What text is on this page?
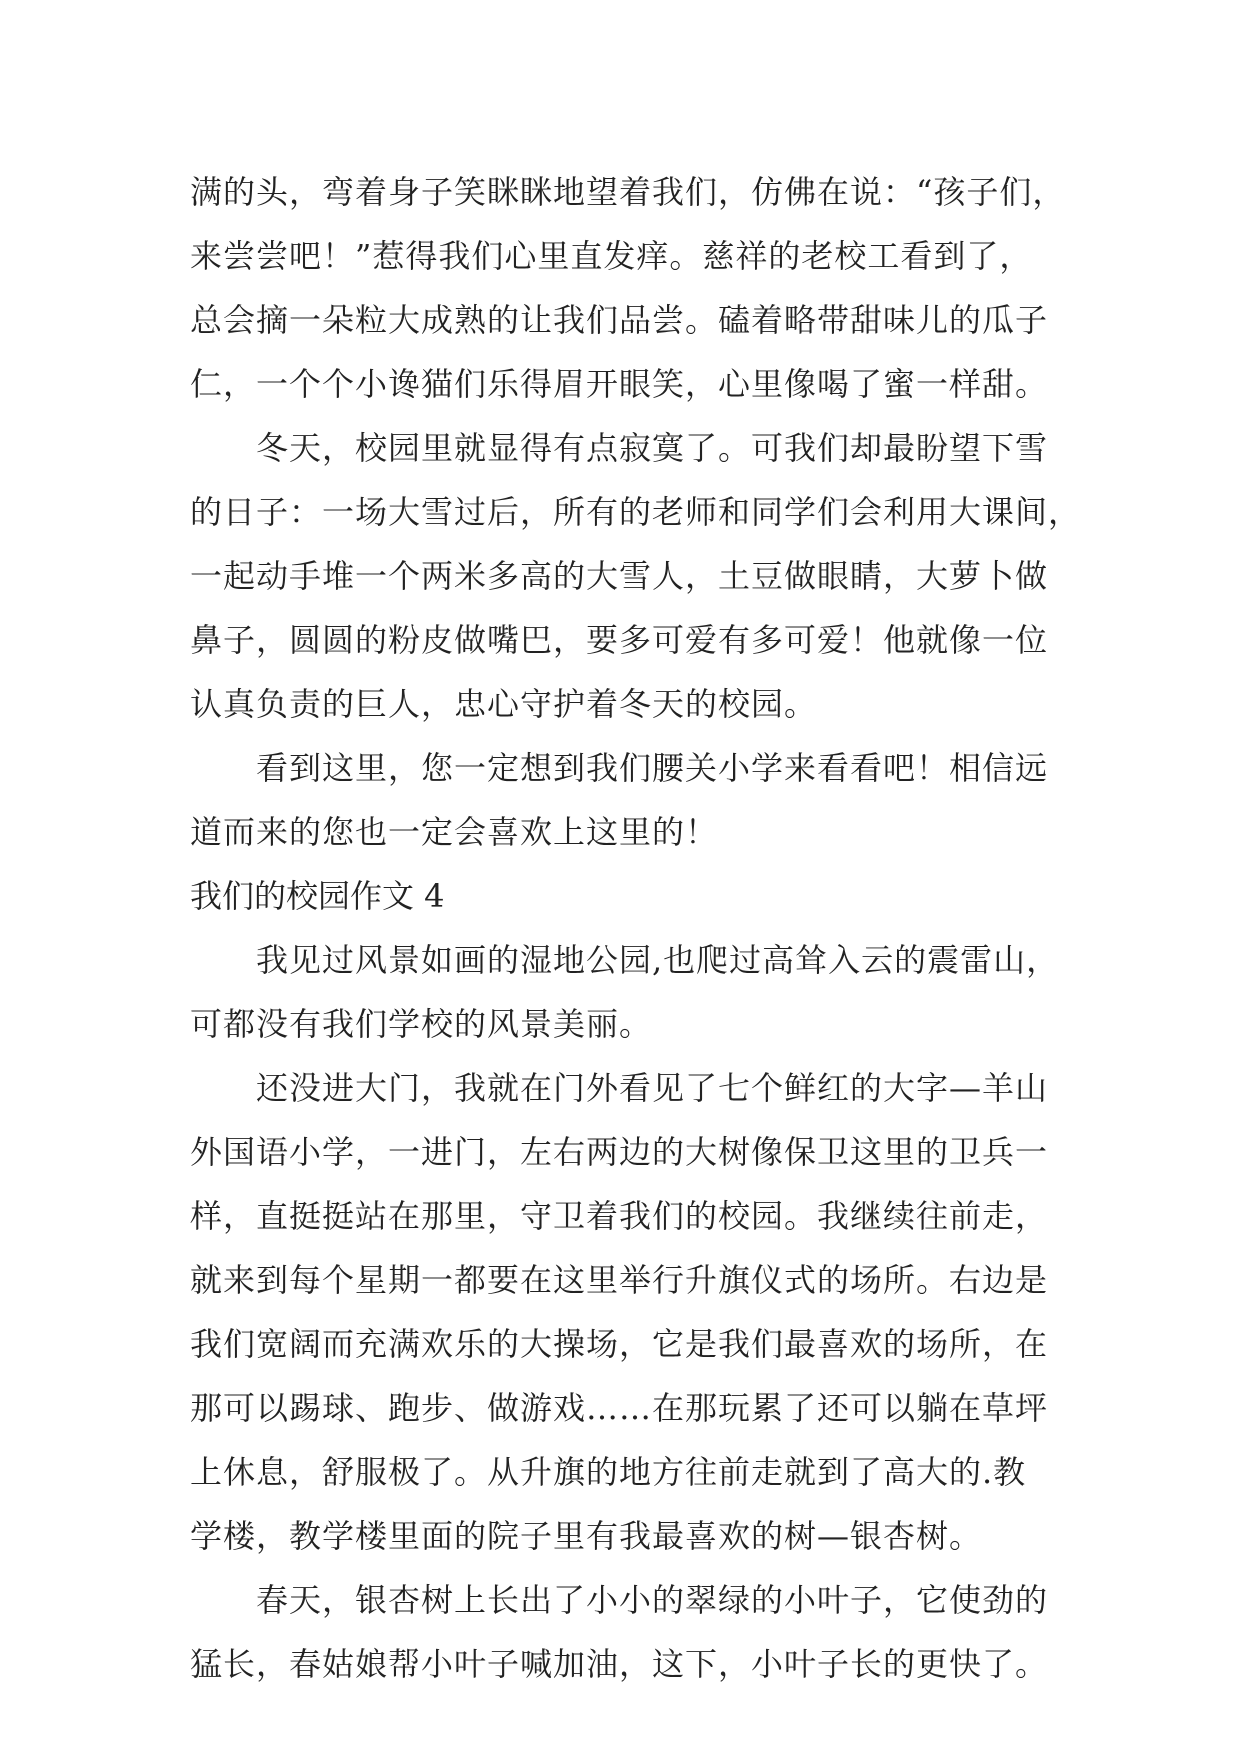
满的头，弯着身子笑眯眯地望着我们，仿佛在说：“孩子们，
来尝尝吧！”惹得我们心里直发痒。慈祥的老校工看到了，
总会摘一朵粒大成熟的让我们品尝。磕着略带甜味儿的瓜子
仁，一个个小谗猫们乐得眉开眼笑，心里像喝了蜜一样甜。
冬天，校园里就显得有点寂寞了。可我们却最盼望下雪
的日子：一场大雪过后，所有的老师和同学们会利用大课间，
一起动手堆一个两米多高的大雪人，土豆做眼睛，大萝卜做
鼻子，圆圆的粉皮做嘴巴，要多可爱有多可爱！他就像一位
认真负责的巨人，忠心守护着冬天的校园。
看到这里，您一定想到我们腰关小学来看看吧！相信远
道而来的您也一定会喜欢上这里的！
我们的校园作文 4
我见过风景如画的湿地公园,也爬过高耸入云的震雷山，
可都没有我们学校的风景美丽。
还没进大门，我就在门外看见了七个鲜红的大字—羊山
外国语小学，一进门，左右两边的大树像保卫这里的卫兵一
样，直挺挺站在那里，守卫着我们的校园。我继续往前走，
就来到每个星期一都要在这里举行升旗仪式的场所。右边是
我们宽阔而充满欢乐的大操场，它是我们最喜欢的场所，在
那可以踢球、跑步、做游戏……在那玩累了还可以躺在草坪
上休息，舒服极了。从升旗的地方往前走就到了高大的.教
学楼，教学楼里面的院子里有我最喜欢的树—银杏树。
春天，银杏树上长出了小小的翠绿的小叶子，它使劲的
猛长，春姑娘帮小叶子喊加油，这下，小叶子长的更快了。
